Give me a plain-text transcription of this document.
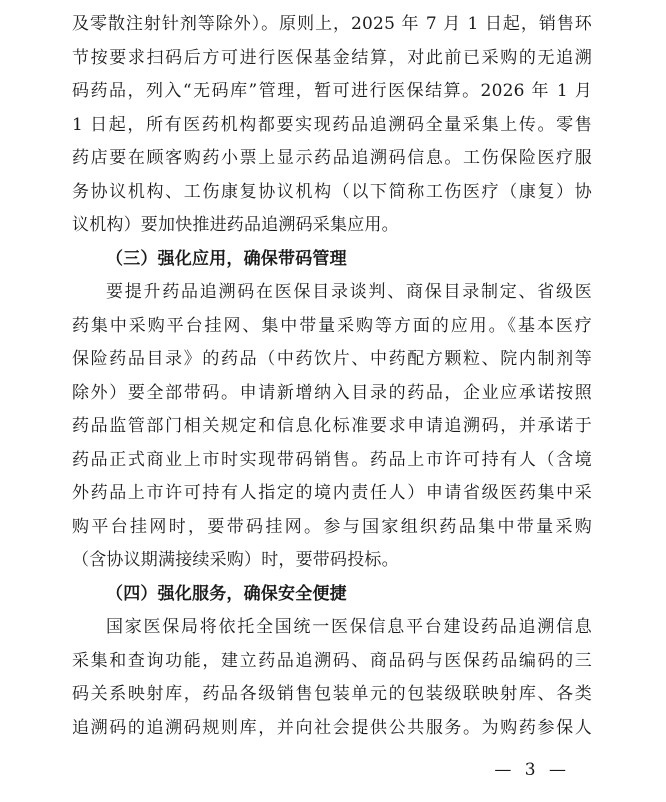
及零散注射针剂等除外）。原则上，2025 年 7 月 1 日起，销售环
节按要求扫码后方可进行医保基金结算，对此前已采购的无追溯
码药品，列入“无码库”管理，暂可进行医保结算。2026 年 1 月
1 日起，所有医药机构都要实现药品追溯码全量采集上传。零售
药店要在顾客购药小票上显示药品追溯码信息。工伤保险医疗服
务协议机构、工伤康复协议机构（以下简称工伤医疗（康复）协
议机构）要加快推进药品追溯码采集应用。
（三）强化应用，确保带码管理
要提升药品追溯码在医保目录谈判、商保目录制定、省级医
药集中采购平台挂网、集中带量采购等方面的应用。《基本医疗
保险药品目录》的药品（中药饮片、中药配方颗粒、院内制剂等
除外）要全部带码。申请新增纳入目录的药品，企业应承诺按照
药品监管部门相关规定和信息化标准要求申请追溯码，并承诺于
药品正式商业上市时实现带码销售。药品上市许可持有人（含境
外药品上市许可持有人指定的境内责任人）申请省级医药集中采
购平台挂网时，要带码挂网。参与国家组织药品集中带量采购
（含协议期满接续采购）时，要带码投标。
（四）强化服务，确保安全便捷
国家医保局将依托全国统一医保信息平台建设药品追溯信息
采集和查询功能，建立药品追溯码、商品码与医保药品编码的三
码关系映射库，药品各级销售包装单元的包装级联映射库、各类
追溯码的追溯码规则库，并向社会提供公共服务。为购药参保人
— 3 —
